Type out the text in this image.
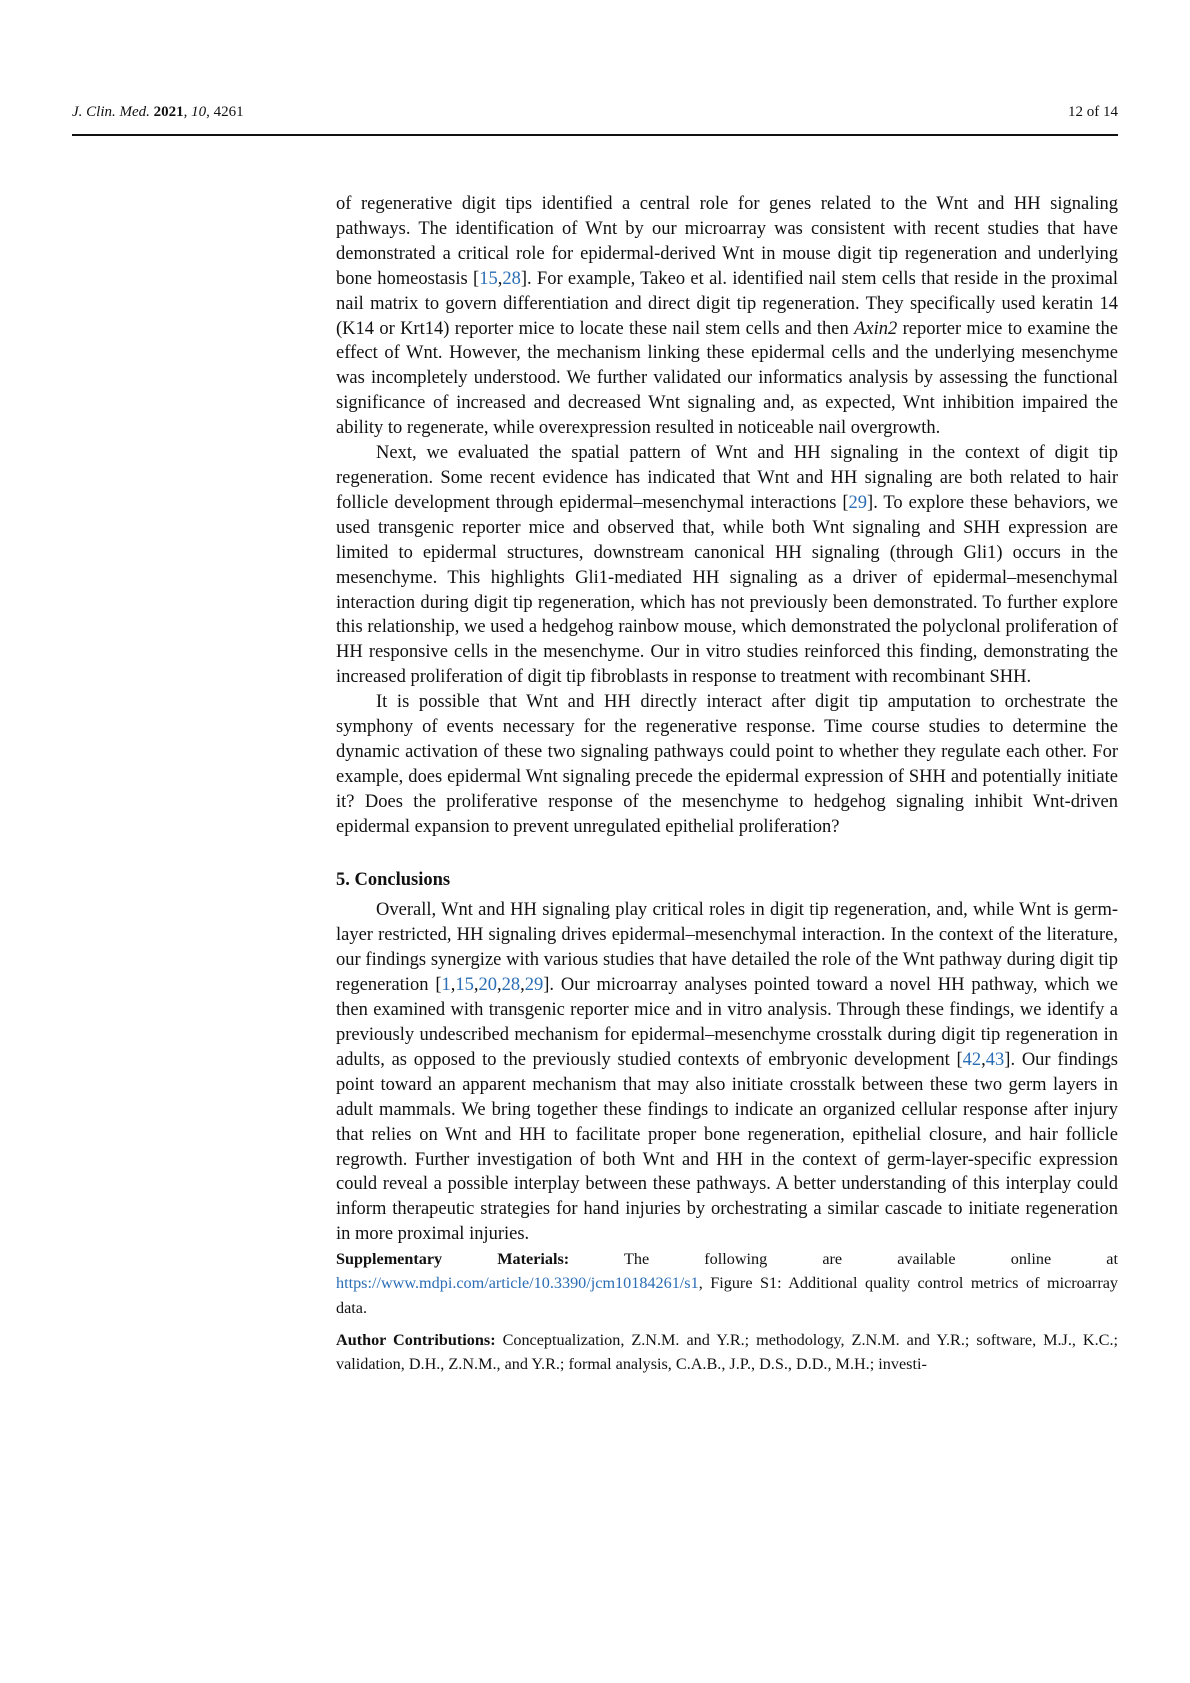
J. Clin. Med. 2021, 10, 4261	12 of 14

of regenerative digit tips identified a central role for genes related to the Wnt and HH signaling pathways. The identification of Wnt by our microarray was consistent with recent studies that have demonstrated a critical role for epidermal-derived Wnt in mouse digit tip regeneration and underlying bone homeostasis [15,28]. For example, Takeo et al. identified nail stem cells that reside in the proximal nail matrix to govern differentiation and direct digit tip regeneration. They specifically used keratin 14 (K14 or Krt14) reporter mice to locate these nail stem cells and then Axin2 reporter mice to examine the effect of Wnt. However, the mechanism linking these epidermal cells and the underlying mesenchyme was incompletely understood. We further validated our informatics analysis by assessing the functional significance of increased and decreased Wnt signaling and, as expected, Wnt inhibition impaired the ability to regenerate, while overexpression resulted in noticeable nail overgrowth.

Next, we evaluated the spatial pattern of Wnt and HH signaling in the context of digit tip regeneration. Some recent evidence has indicated that Wnt and HH signaling are both related to hair follicle development through epidermal–mesenchymal interactions [29]. To explore these behaviors, we used transgenic reporter mice and observed that, while both Wnt signaling and SHH expression are limited to epidermal structures, downstream canonical HH signaling (through Gli1) occurs in the mesenchyme. This highlights Gli1-mediated HH signaling as a driver of epidermal–mesenchymal interaction during digit tip regeneration, which has not previously been demonstrated. To further explore this relationship, we used a hedgehog rainbow mouse, which demonstrated the polyclonal proliferation of HH responsive cells in the mesenchyme. Our in vitro studies reinforced this finding, demonstrating the increased proliferation of digit tip fibroblasts in response to treatment with recombinant SHH.

It is possible that Wnt and HH directly interact after digit tip amputation to orchestrate the symphony of events necessary for the regenerative response. Time course studies to determine the dynamic activation of these two signaling pathways could point to whether they regulate each other. For example, does epidermal Wnt signaling precede the epidermal expression of SHH and potentially initiate it? Does the proliferative response of the mesenchyme to hedgehog signaling inhibit Wnt-driven epidermal expansion to prevent unregulated epithelial proliferation?

5. Conclusions

Overall, Wnt and HH signaling play critical roles in digit tip regeneration, and, while Wnt is germ-layer restricted, HH signaling drives epidermal–mesenchymal interaction. In the context of the literature, our findings synergize with various studies that have detailed the role of the Wnt pathway during digit tip regeneration [1,15,20,28,29]. Our microarray analyses pointed toward a novel HH pathway, which we then examined with transgenic reporter mice and in vitro analysis. Through these findings, we identify a previously undescribed mechanism for epidermal–mesenchyme crosstalk during digit tip regeneration in adults, as opposed to the previously studied contexts of embryonic development [42,43]. Our findings point toward an apparent mechanism that may also initiate crosstalk between these two germ layers in adult mammals. We bring together these findings to indicate an organized cellular response after injury that relies on Wnt and HH to facilitate proper bone regeneration, epithelial closure, and hair follicle regrowth. Further investigation of both Wnt and HH in the context of germ-layer-specific expression could reveal a possible interplay between these pathways. A better understanding of this interplay could inform therapeutic strategies for hand injuries by orchestrating a similar cascade to initiate regeneration in more proximal injuries.

Supplementary Materials: The following are available online at https://www.mdpi.com/article/10.3390/jcm10184261/s1, Figure S1: Additional quality control metrics of microarray data.

Author Contributions: Conceptualization, Z.N.M. and Y.R.; methodology, Z.N.M. and Y.R.; software, M.J., K.C.; validation, D.H., Z.N.M., and Y.R.; formal analysis, C.A.B., J.P., D.S., D.D., M.H.; investi-
